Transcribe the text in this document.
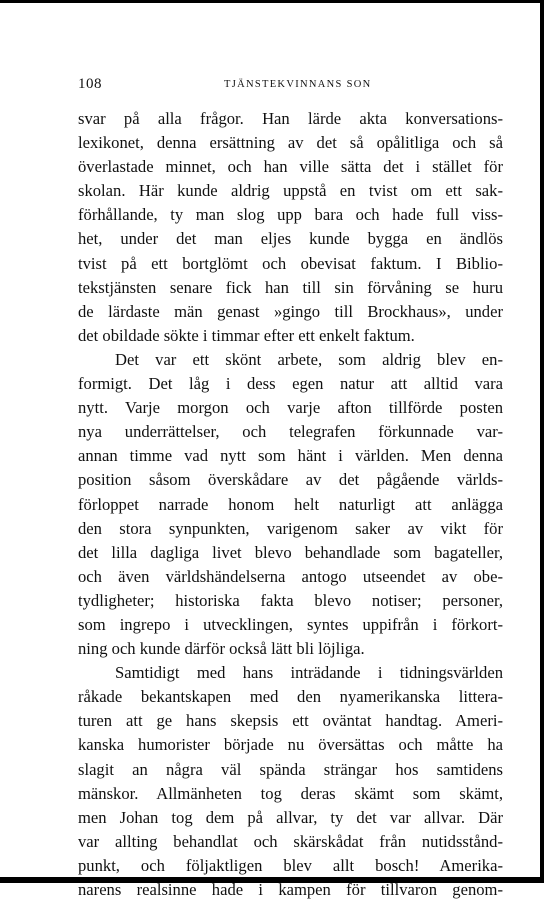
108	TJÄNSTEKVINNANS SON
svar på alla frågor. Han lärde akta konversations-
lexikonet, denna ersättning av det så opålitliga och så
överlastade minnet, och han ville sätta det i stället för
skolan. Här kunde aldrig uppstå en tvist om ett sak-
förhållande, ty man slog upp bara och hade full viss-
het, under det man eljes kunde bygga en ändlös
tvist på ett bortglömt och obevisat faktum. I Biblio-
tekstjänsten senare fick han till sin förvåning se huru
de lärdaste män genast »gingo till Brockhaus», under
det obildade sökte i timmar efter ett enkelt faktum.
Det var ett skönt arbete, som aldrig blev en-
formigt. Det låg i dess egen natur att alltid vara
nytt. Varje morgon och varje afton tillförde posten
nya underrättelser, och telegrafen förkunnade var-
annan timme vad nytt som hänt i världen. Men denna
position såsom överskådare av det pågående världs-
förloppet narrade honom helt naturligt att anlägga
den stora synpunkten, varigenom saker av vikt för
det lilla dagliga livet blevo behandlade som bagateller,
och även världshändelserna antogo utseendet av obe-
tydligheter; historiska fakta blevo notiser; personer,
som ingrepo i utvecklingen, syntes uppifrån i förkort-
ning och kunde därför också lätt bli löjliga.
Samtidigt med hans inträdande i tidningsvärlden
råkade bekantskapen med den nyamerikanska littera-
turen att ge hans skepsis ett oväntat handtag. Ameri-
kanska humorister började nu översättas och måtte ha
slagit an några väl spända strängar hos samtidens
mänskor. Allmänheten tog deras skämt som skämt,
men Johan tog dem på allvar, ty det var allvar. Där
var allting behandlat och skärskådat från nutidsstånd-
punkt, och följaktligen blev allt bosch! Amerika-
narens realsinne hade i kampen för tillvaron genom-
